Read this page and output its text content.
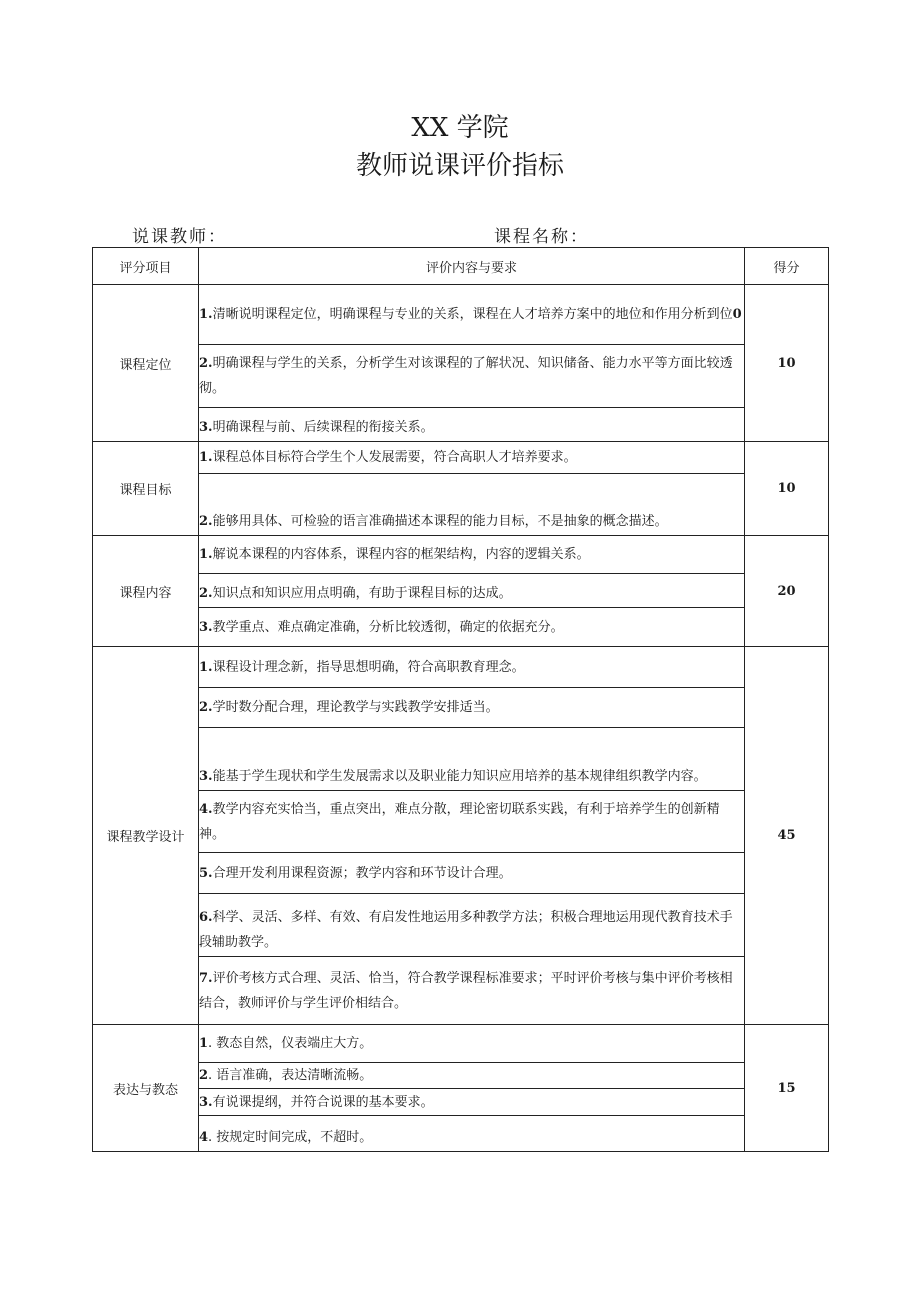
XX 学院
教师说课评价指标
说课教师：	课程名称：
评分项目	评价内容与要求	得分
课程定位	1.清晰说明课程定位，明确课程与专业的关系，课程在人才培养方案中的地位和作用分析到位0	10
	2.明确课程与学生的关系，分析学生对该课程的了解状况、知识储备、能力水平等方面比较透彻。	
	3.明确课程与前、后续课程的衔接关系。	
课程目标	1.课程总体目标符合学生个人发展需要，符合高职人才培养要求。	10
	2.能够用具体、可检验的语言准确描述本课程的能力目标，不是抽象的概念描述。	
课程内容	1.解说本课程的内容体系，课程内容的框架结构，内容的逻辑关系。	20
	2.知识点和知识应用点明确，有助于课程目标的达成。	
	3.教学重点、难点确定准确，分析比较透彻，确定的依据充分。	
课程教学设计	1.课程设计理念新，指导思想明确，符合高职教育理念。	45
	2.学时数分配合理，理论教学与实践教学安排适当。	
	3.能基于学生现状和学生发展需求以及职业能力知识应用培养的基本规律组织教学内容。	
	4.教学内容充实恰当，重点突出，难点分散，理论密切联系实践，有利于培养学生的创新精神。	
	5.合理开发利用课程资源；教学内容和环节设计合理。	
	6.科学、灵活、多样、有效、有启发性地运用多种教学方法；积极合理地运用现代教育技术手段辅助教学。	
	7.评价考核方式合理、灵活、恰当，符合教学课程标准要求；平时评价考核与集中评价考核相结合，教师评价与学生评价相结合。	
表达与教态	1. 教态自然，仪表端庄大方。	15
	2. 语言准确，表达清晰流畅。	
	3.有说课提纲，并符合说课的基本要求。	
	4. 按规定时间完成，不超时。	
